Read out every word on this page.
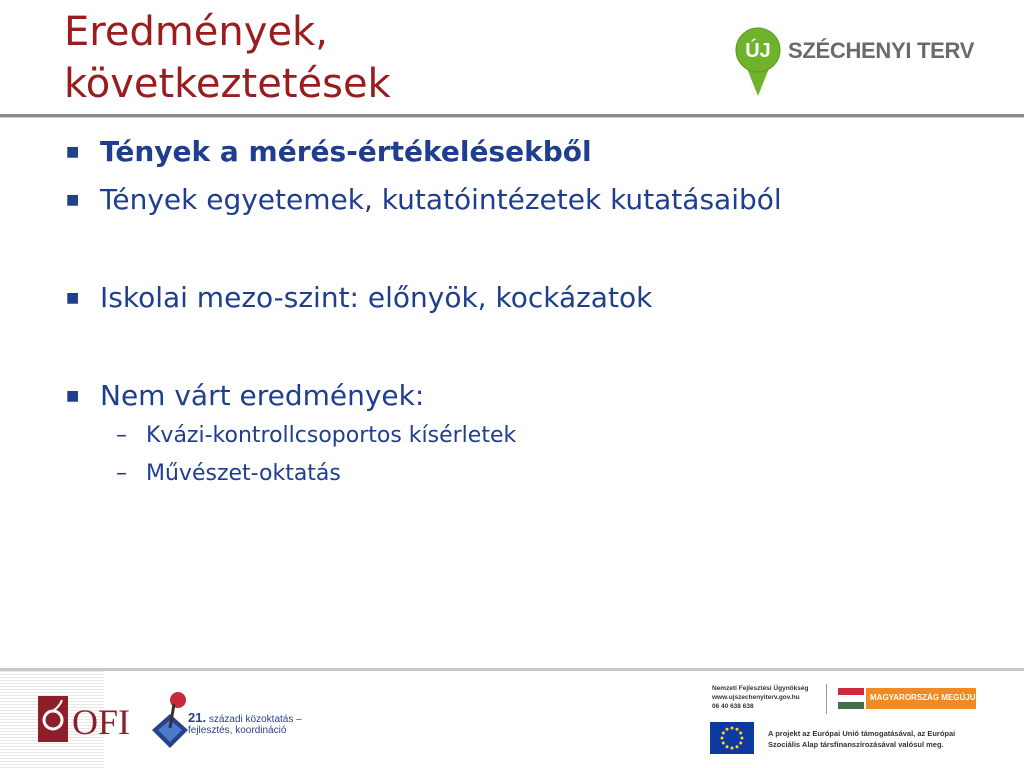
Eredmények,
következtetések
ÚJ SZÉCHENYI TERV

■ Tények a mérés-értékelésekből

■ Tények egyetemek, kutatóintézetek kutatásaiból

■ Iskolai mezo-szint: előnyök, kockázatok

■ Nem várt eredmények:

– Kvázi-kontrollcsoportos kísérletek

– Művészet-oktatás

OFI	21. századi közoktatás –
fejlesztés, koordináció
Nemzeti Fejlesztési Ügynökség
www.ujszechenyiterv.gov.hu
06 40 638 638
MAGYARORSZÁG MEGÚJUL
A projekt az Európai Unió támogatásával, az Európai
Szociális Alap társfinanszírozásával valósul meg.
